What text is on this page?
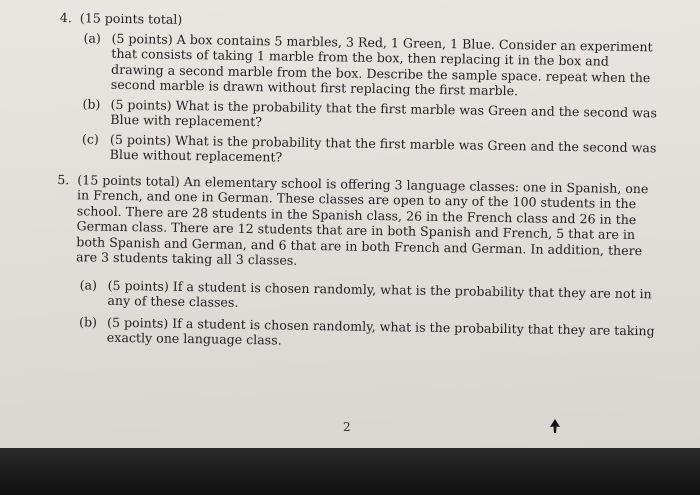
4. (15 points total)
(a) (5 points) A box contains 5 marbles, 3 Red, 1 Green, 1 Blue. Consider an experiment that consists of taking 1 marble from the box, then replacing it in the box and drawing a second marble from the box. Describe the sample space. repeat when the second marble is drawn without first replacing the first marble.
(b) (5 points) What is the probability that the first marble was Green and the second was Blue with replacement?
(c) (5 points) What is the probability that the first marble was Green and the second was Blue without replacement?
5. (15 points total) An elementary school is offering 3 language classes: one in Spanish, one in French, and one in German. These classes are open to any of the 100 students in the school. There are 28 students in the Spanish class, 26 in the French class and 26 in the German class. There are 12 students that are in both Spanish and French, 5 that are in both Spanish and German, and 6 that are in both French and German. In addition, there are 3 students taking all 3 classes.
(a) (5 points) If a student is chosen randomly, what is the probability that they are not in any of these classes.
(b) (5 points) If a student is chosen randomly, what is the probability that they are taking exactly one language class.
2
